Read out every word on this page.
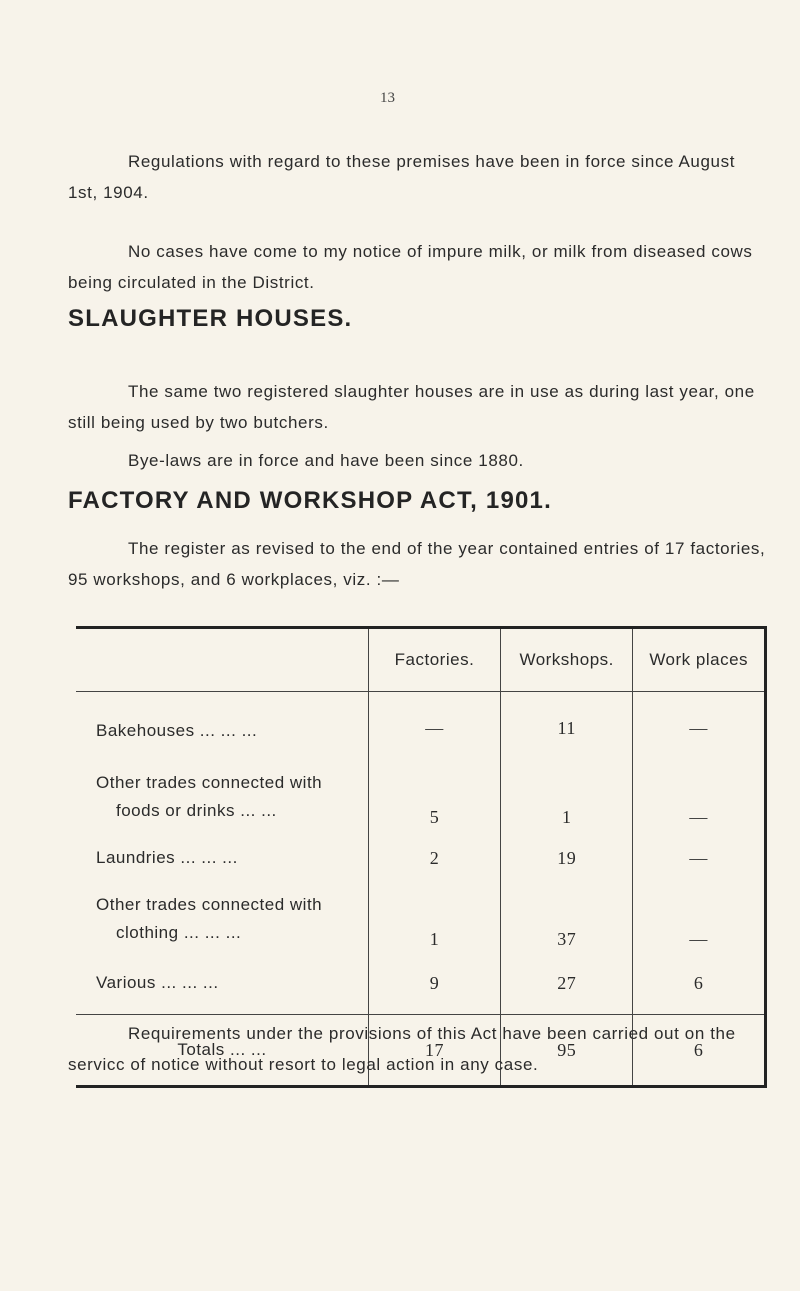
13
Regulations with regard to these premises have been in force since August 1st, 1904.
No cases have come to my notice of impure milk, or milk from diseased cows being circulated in the District.
SLAUGHTER HOUSES.
The same two registered slaughter houses are in use as during last year, one still being used by two butchers.
Bye-laws are in force and have been since 1880.
FACTORY AND WORKSHOP ACT, 1901.
The register as revised to the end of the year contained entries of 17 factories, 95 workshops, and 6 workplaces, viz. :—
	Factories.	Workshops.	Work places
Bakehouses ... ... ...	—	11	—

Other trades connected with
foods or drinks ... ...	5	1	—
Laundries ... ... ...	2	19	—

Other trades connected with
clothing ... ... ...	1	37	—
Various ... ... ...	9	27	6
Totals ... ...	17	95	6
Requirements under the provisions of this Act have been carried out on the servicc of notice without resort to legal action in any case.
